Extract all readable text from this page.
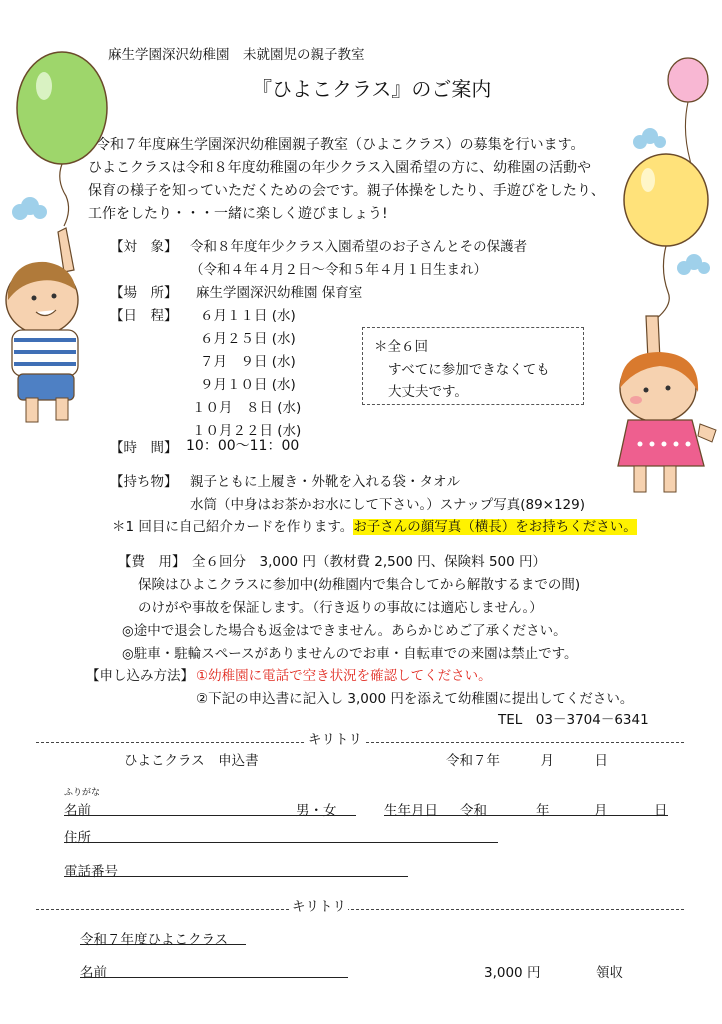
麻生学園深沢幼稚園　未就園児の親子教室
『ひよこクラス』のご案内
令和７年度麻生学園深沢幼稚園親子教室（ひよこクラス）の募集を行います。
ひよこクラスは令和８年度幼稚園の年少クラス入園希望の方に、幼稚園の活動や
保育の様子を知っていただくための会です。親子体操をしたり、手遊びをしたり、
工作をしたり・・・一緒に楽しく遊びましょう!
【対　象】 令和８年度年少クラス入園希望のお子さんとその保護者
（令和４年４月２日～令和５年４月１日生まれ）
【場　所】 麻生学園深沢幼稚園 保育室
【日　程】 ６月１１日 (水)
６月２５日 (水)
７月　９日 (水)
９月１０日 (水)
１０月　８日 (水)
１０月２２日 (水)
＊全６回
すべてに参加できなくても
大丈夫です。
【時　間】 10：00～11：00
【持ち物】 親子ともに上履き・外靴を入れる袋・タオル
水筒（中身はお茶かお水にして下さい。）スナップ写真(89×129)
＊1 回目に自己紹介カードを作ります。お子さんの顔写真（横長）をお持ちください。
【費　用】 全６回分　3,000 円（教材費 2,500 円、保険料 500 円）
保険はひよこクラスに参加中(幼稚園内で集合してから解散するまでの間)
のけがや事故を保証します。（行き返りの事故には適応しません。）
◎途中で退会した場合も返金はできません。あらかじめご了承ください。
◎駐車・駐輪スペースがありませんのでお車・自転車での来園は禁止です。
【申し込み方法】 ①幼稚園に電話で空き状況を確認してください。
②下記の申込書に記入し 3,000 円を添えて幼稚園に提出してください。
TEL　03－3704－6341
キリトリ
ひよこクラス　申込書	令和７年　　　月　　　日
ふりがな
名前	男・女	生年月日 令和	年	月	日
住所
電話番号
キリトリ
令和７年度ひよこクラス
名前	3,000 円	領収
